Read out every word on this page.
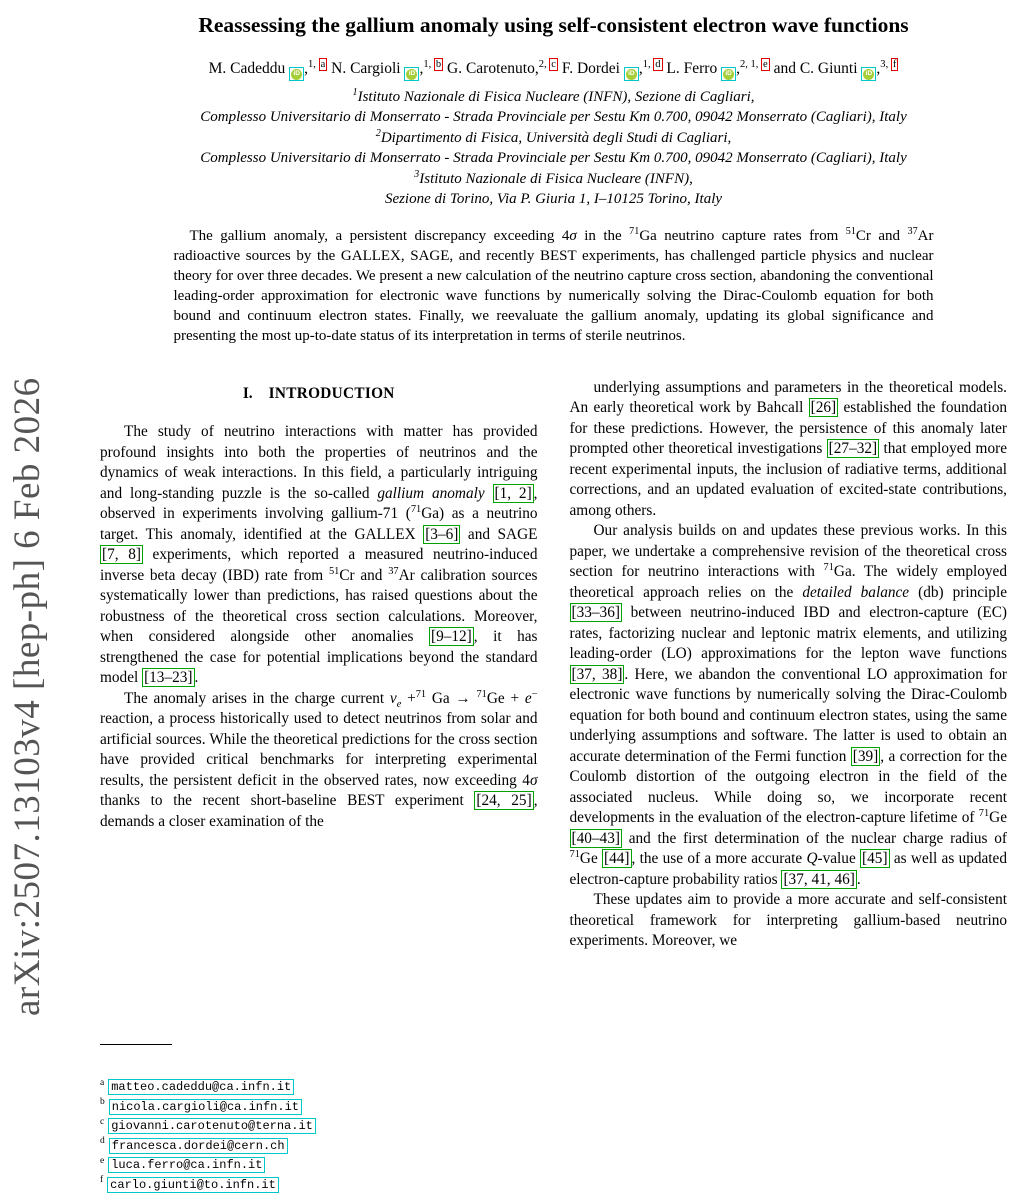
arXiv:2507.13103v4 [hep-ph] 6 Feb 2026
Reassessing the gallium anomaly using self-consistent electron wave functions
M. Cadeddu iD ,$^{1,}$ $^a$ N. Cargioli iD ,$^{1,}$ $^b$ G. Carotenuto,$^{2,}$ $^c$ F. Dordei iD ,$^{1,}$ $^d$ L. Ferro iD ,$^{2, 1,}$ $^e$ and C. Giunti iD ,$^{3,}$ $^f$
$^1$Istituto Nazionale di Fisica Nucleare (INFN), Sezione di Cagliari,
Complesso Universitario di Monserrato - Strada Provinciale per Sestu Km 0.700, 09042 Monserrato (Cagliari), Italy
$^2$Dipartimento di Fisica, Università degli Studi di Cagliari,
Complesso Universitario di Monserrato - Strada Provinciale per Sestu Km 0.700, 09042 Monserrato (Cagliari), Italy
$^3$Istituto Nazionale di Fisica Nucleare (INFN),
Sezione di Torino, Via P. Giuria 1, I–10125 Torino, Italy
The gallium anomaly, a persistent discrepancy exceeding 4σ in the $^{71}$Ga neutrino capture rates from $^{51}$Cr and $^{37}$Ar radioactive sources by the GALLEX, SAGE, and recently BEST experiments, has challenged particle physics and nuclear theory for over three decades. We present a new calculation of the neutrino capture cross section, abandoning the conventional leading-order approximation for electronic wave functions by numerically solving the Dirac-Coulomb equation for both bound and continuum electron states. Finally, we reevaluate the gallium anomaly, updating its global significance and presenting the most up-to-date status of its interpretation in terms of sterile neutrinos.
I. INTRODUCTION

The study of neutrino interactions with matter has provided profound insights into both the properties of neutrinos and the dynamics of weak interactions. In this field, a particularly intriguing and long-standing puzzle is the so-called gallium anomaly [1, 2] , observed in experiments involving gallium-71 ($^{71}$Ga) as a neutrino target. This anomaly, identified at the GALLEX [3–6] and SAGE [7, 8] experiments, which reported a measured neutrino-induced inverse beta decay (IBD) rate from $^{51}$Cr and $^{37}$Ar calibration sources systematically lower than predictions, has raised questions about the robustness of the theoretical cross section calculations. Moreover, when considered alongside other anomalies [9–12] , it has strengthened the case for potential implications beyond the standard model [13–23] .

The anomaly arises in the charge current $\nu_e +^{71}$ Ga → $^{71}$Ge + e− reaction, a process historically used to detect neutrinos from solar and artificial sources. While the theoretical predictions for the cross section have provided critical benchmarks for interpreting experimental results, the persistent deficit in the observed rates, now exceeding 4σ thanks to the recent short-baseline BEST experiment [24, 25] , demands a closer examination of the

underlying assumptions and parameters in the theoretical models. An early theoretical work by Bahcall [26] established the foundation for these predictions. However, the persistence of this anomaly later prompted other theoretical investigations [27–32] that employed more recent experimental inputs, the inclusion of radiative terms, additional corrections, and an updated evaluation of excited-state contributions, among others.

Our analysis builds on and updates these previous works. In this paper, we undertake a comprehensive revision of the theoretical cross section for neutrino interactions with $^{71}$Ga. The widely employed theoretical approach relies on the detailed balance (db) principle [33–36] between neutrino-induced IBD and electron-capture (EC) rates, factorizing nuclear and leptonic matrix elements, and utilizing leading-order (LO) approximations for the lepton wave functions [37, 38] . Here, we abandon the conventional LO approximation for electronic wave functions by numerically solving the Dirac-Coulomb equation for both bound and continuum electron states, using the same underlying assumptions and software. The latter is used to obtain an accurate determination of the Fermi function [39] , a correction for the Coulomb distortion of the outgoing electron in the field of the associated nucleus. While doing so, we incorporate recent developments in the evaluation of the electron-capture lifetime of $^{71}$Ge [40–43] and the first determination of the nuclear charge radius of $^{71}$Ge [44] , the use of a more accurate Q-value [45] as well as updated electron-capture probability ratios [37, 41, 46] .

These updates aim to provide a more accurate and self-consistent theoretical framework for interpreting gallium-based neutrino experiments. Moreover, we

$^a$ matteo.cadeddu@ca.infn.it
$^b$ nicola.cargioli@ca.infn.it
$^c$ giovanni.carotenuto@terna.it
$^d$ francesca.dordei@cern.ch
$^e$ luca.ferro@ca.infn.it
$^f$ carlo.giunti@to.infn.it
